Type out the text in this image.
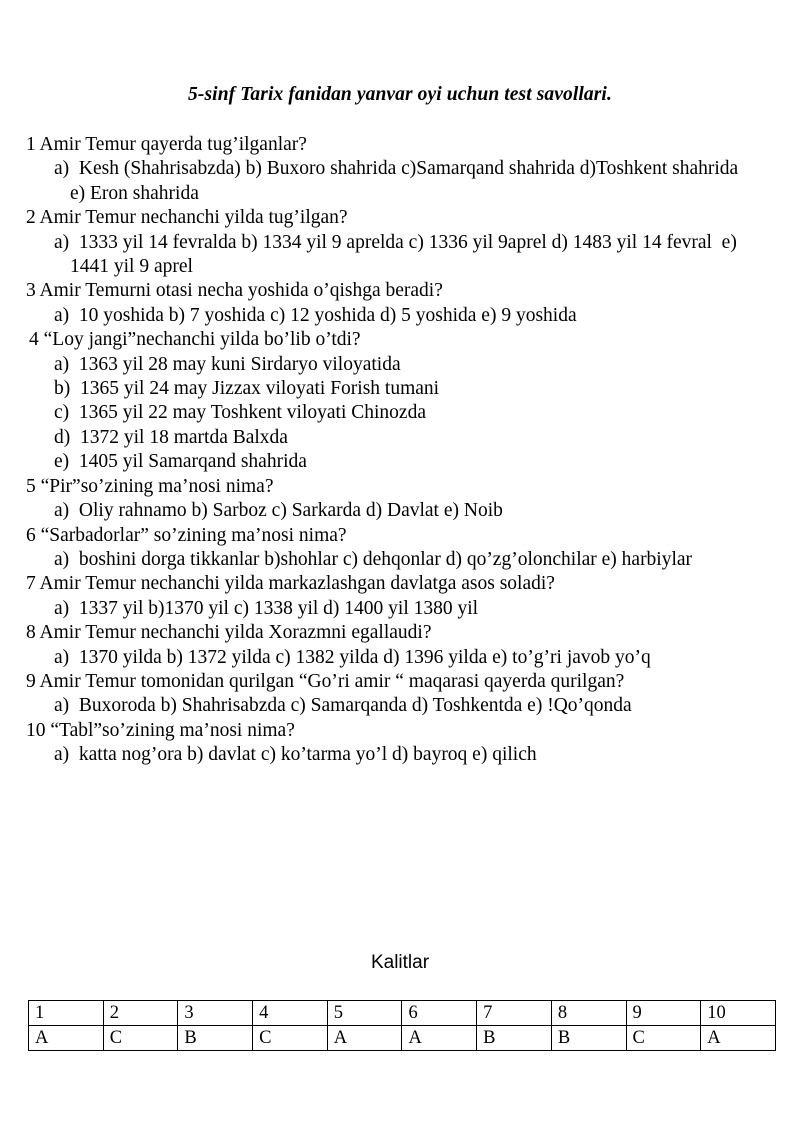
5-sinf Tarix fanidan yanvar oyi uchun test savollari.
1 Amir Temur qayerda tug’ilganlar?
a)  Kesh (Shahrisabzda) b) Buxoro shahrida c)Samarqand shahrida d)Toshkent shahrida e) Eron shahrida
2 Amir Temur nechanchi yilda tug’ilgan?
a)  1333 yil 14 fevralda b) 1334 yil 9 aprelda c) 1336 yil 9aprel d) 1483 yil 14 fevral  e) 1441 yil 9 aprel
3 Amir Temurni otasi necha yoshida o’qishga beradi?
a)  10 yoshida b) 7 yoshida c) 12 yoshida d) 5 yoshida e) 9 yoshida
4 “Loy jangi”nechanchi yilda bo’lib o’tdi?
a)  1363 yil 28 may kuni Sirdaryo viloyatida
b)  1365 yil 24 may Jizzax viloyati Forish tumani
c)  1365 yil 22 may Toshkent viloyati Chinozda
d)  1372 yil 18 martda Balxda
e)  1405 yil Samarqand shahrida
5 “Pir”so’zining ma’nosi nima?
a)  Oliy rahnamo b) Sarboz c) Sarkarda d) Davlat e) Noib
6 “Sarbadorlar” so’zining ma’nosi nima?
a)  boshini dorga tikkanlar b)shohlar c) dehqonlar d) qo’zg’olonchilar e) harbiylar
7 Amir Temur nechanchi yilda markazlashgan davlatga asos soladi?
a)  1337 yil b)1370 yil c) 1338 yil d) 1400 yil 1380 yil
8 Amir Temur nechanchi yilda Xorazmni egallaudi?
a)  1370 yilda b) 1372 yilda c) 1382 yilda d) 1396 yilda e) to’g’ri javob yo’q
9 Amir Temur tomonidan qurilgan “Go’ri amir “ maqarasi qayerda qurilgan?
a)  Buxoroda b) Shahrisabzda c) Samarqanda d) Toshkentda e) !Qo’qonda
10 “Tabl”so’zining ma’nosi nima?
a)  katta nog’ora b) davlat c) ko’tarma yo’l d) bayroq e) qilich
Kalitlar
1	2	3	4	5	6	7	8	9	10
A	C	B	C	A	A	B	B	C	A
